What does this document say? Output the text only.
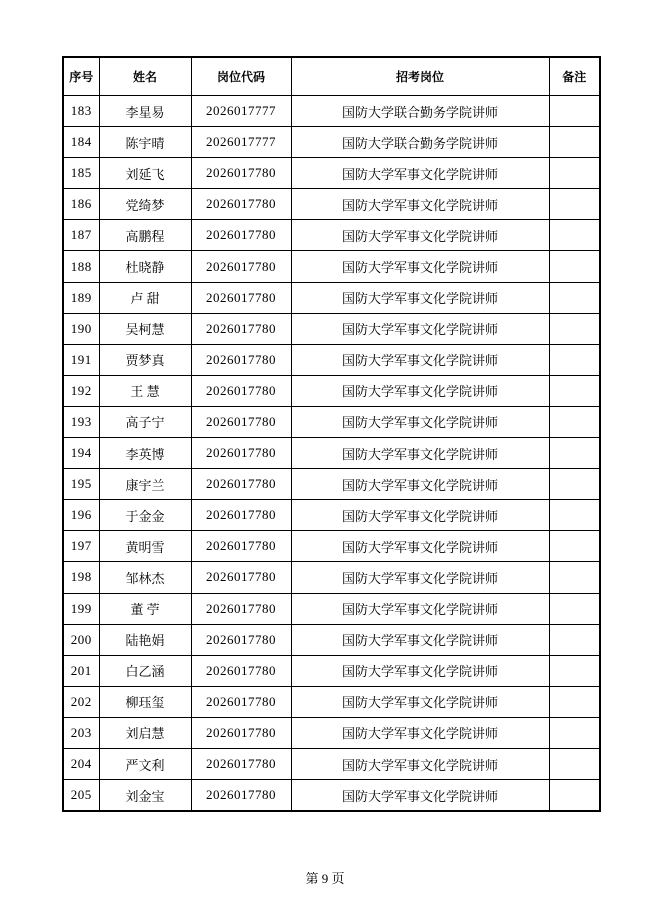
序号	姓名	岗位代码	招考岗位	备注
183	李星易	2026017777	国防大学联合勤务学院讲师	
184	陈宇晴	2026017777	国防大学联合勤务学院讲师	
185	刘延飞	2026017780	国防大学军事文化学院讲师	
186	党绮梦	2026017780	国防大学军事文化学院讲师	
187	高鹏程	2026017780	国防大学军事文化学院讲师	
188	杜晓静	2026017780	国防大学军事文化学院讲师	
189	卢 甜	2026017780	国防大学军事文化学院讲师	
190	吴柯慧	2026017780	国防大学军事文化学院讲师	
191	贾梦真	2026017780	国防大学军事文化学院讲师	
192	王 慧	2026017780	国防大学军事文化学院讲师	
193	高子宁	2026017780	国防大学军事文化学院讲师	
194	李英博	2026017780	国防大学军事文化学院讲师	
195	康宇兰	2026017780	国防大学军事文化学院讲师	
196	于金金	2026017780	国防大学军事文化学院讲师	
197	黄明雪	2026017780	国防大学军事文化学院讲师	
198	邹林杰	2026017780	国防大学军事文化学院讲师	
199	董 苧	2026017780	国防大学军事文化学院讲师	
200	陆艳娟	2026017780	国防大学军事文化学院讲师	
201	白乙涵	2026017780	国防大学军事文化学院讲师	
202	柳珏玺	2026017780	国防大学军事文化学院讲师	
203	刘启慧	2026017780	国防大学军事文化学院讲师	
204	严文利	2026017780	国防大学军事文化学院讲师	
205	刘金宝	2026017780	国防大学军事文化学院讲师	
第 9 页
